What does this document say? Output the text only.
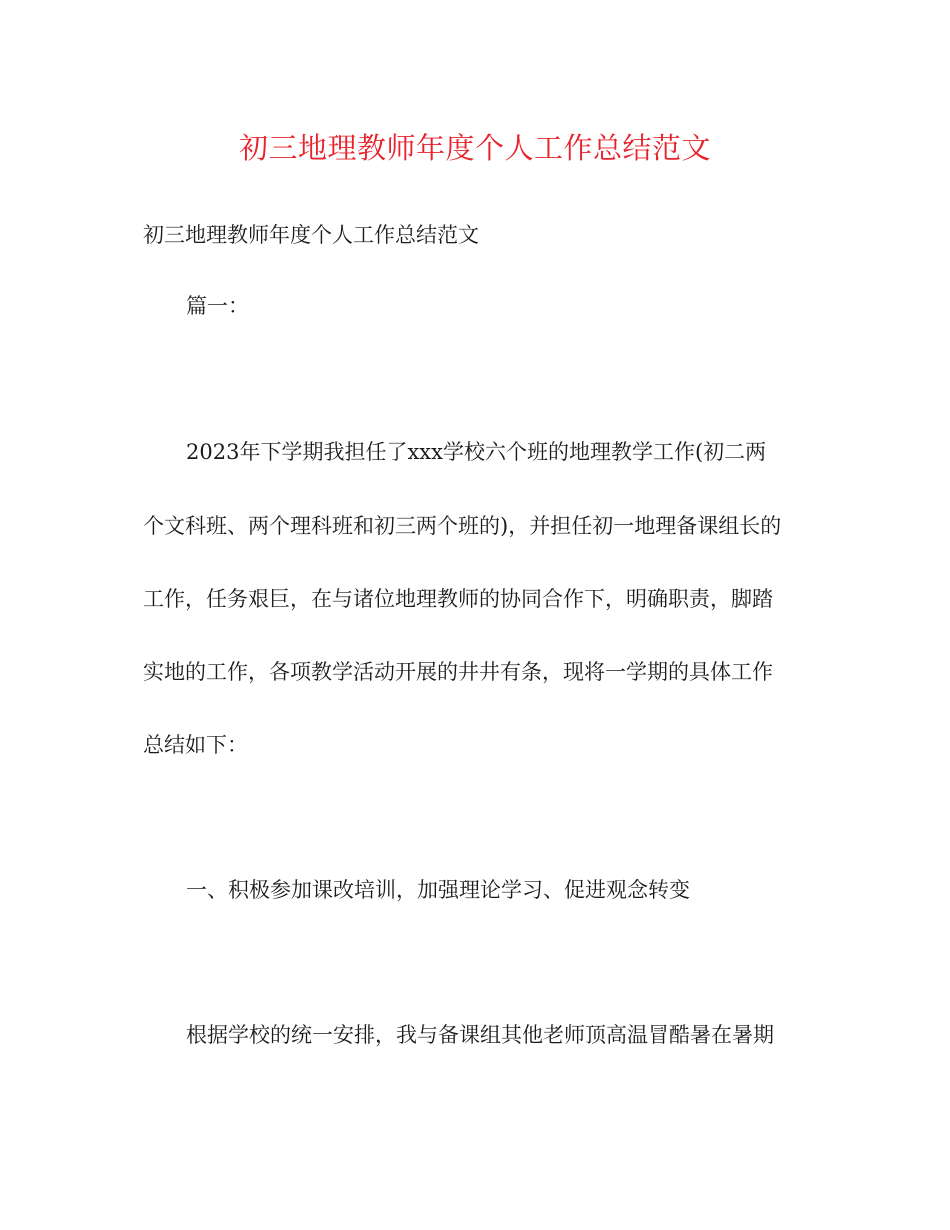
初三地理教师年度个人工作总结范文
初三地理教师年度个人工作总结范文
篇一：
2023年下学期我担任了xxx学校六个班的地理教学工作(初二两
个文科班、两个理科班和初三两个班的)，并担任初一地理备课组长的
工作，任务艰巨，在与诸位地理教师的协同合作下，明确职责，脚踏
实地的工作，各项教学活动开展的井井有条，现将一学期的具体工作
总结如下：
一、积极参加课改培训，加强理论学习、促进观念转变
根据学校的统一安排，我与备课组其他老师顶高温冒酷暑在暑期
